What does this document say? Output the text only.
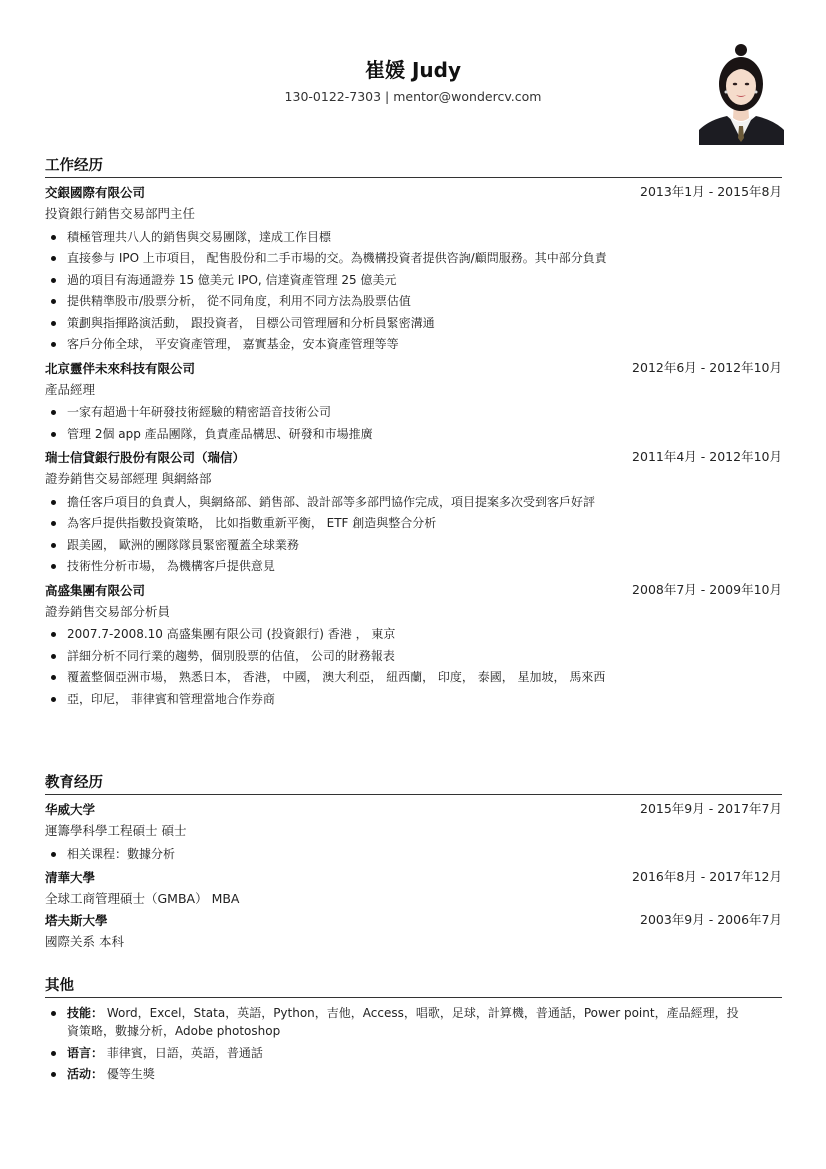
崔媛 Judy
130-0122-7303 | mentor@wondercv.com
工作经历
交銀國際有限公司	2013年1月 - 2015年8月
投資銀行銷售交易部門主任
積極管理共八人的銷售與交易團隊，達成工作目標
直接參与 IPO 上市項目， 配售股份和二手市場的交。為機構投資者提供咨詢/顧問服務。其中部分負責
過的項目有海通證券 15 億美元 IPO, 信達資產管理 25 億美元
提供精準股市/股票分析， 從不同角度，利用不同方法為股票估值
策劃與指揮路演活動， 跟投資者， 目標公司管理層和分析員緊密溝通
客戶分佈全球， 平安資產管理， 嘉實基金，安本資產管理等等
北京靈伴未來科技有限公司	2012年6月 - 2012年10月
產品經理
一家有超過十年研發技術經驗的精密語音技術公司
管理 2個 app 產品團隊，負責產品構思、研發和市場推廣
瑞士信貸銀行股份有限公司（瑞信）	2011年4月 - 2012年10月
證券銷售交易部經理 與網絡部
擔任客戶項目的負責人，與網絡部、銷售部、設計部等多部門協作完成，項目提案多次受到客戶好評
為客戶提供指數投資策略， 比如指數重新平衡， ETF 創造與整合分析
跟美國， 歐洲的團隊隊員緊密覆蓋全球業務
技術性分析市場， 為機構客戶提供意見
高盛集團有限公司	2008年7月 - 2009年10月
證券銷售交易部分析員
2007.7-2008.10 高盛集團有限公司 (投資銀行) 香港 ， 東京
詳細分析不同行業的趨勢，個別股票的估值， 公司的財務報表
覆蓋整個亞洲市場， 熟悉日本， 香港， 中國， 澳大利亞， 紐西蘭， 印度， 泰國， 星加坡， 馬來西
亞，印尼， 菲律賓和管理當地合作券商
教育经历
华威大学	2015年9月 - 2017年7月
運籌學科學工程碩士 碩士
相关课程：數據分析
清華大學	2016年8月 - 2017年12月
全球工商管理碩士（GMBA） MBA
塔夫斯大學	2003年9月 - 2006年7月
國際关系 本科
其他
技能： Word，Excel，Stata，英語，Python，吉他，Access，唱歌，足球，計算機，普通話，Power point，產品經理，投
資策略，數據分析，Adobe photoshop
语言： 菲律賓，日語，英語，普通話
活动： 優等生獎
